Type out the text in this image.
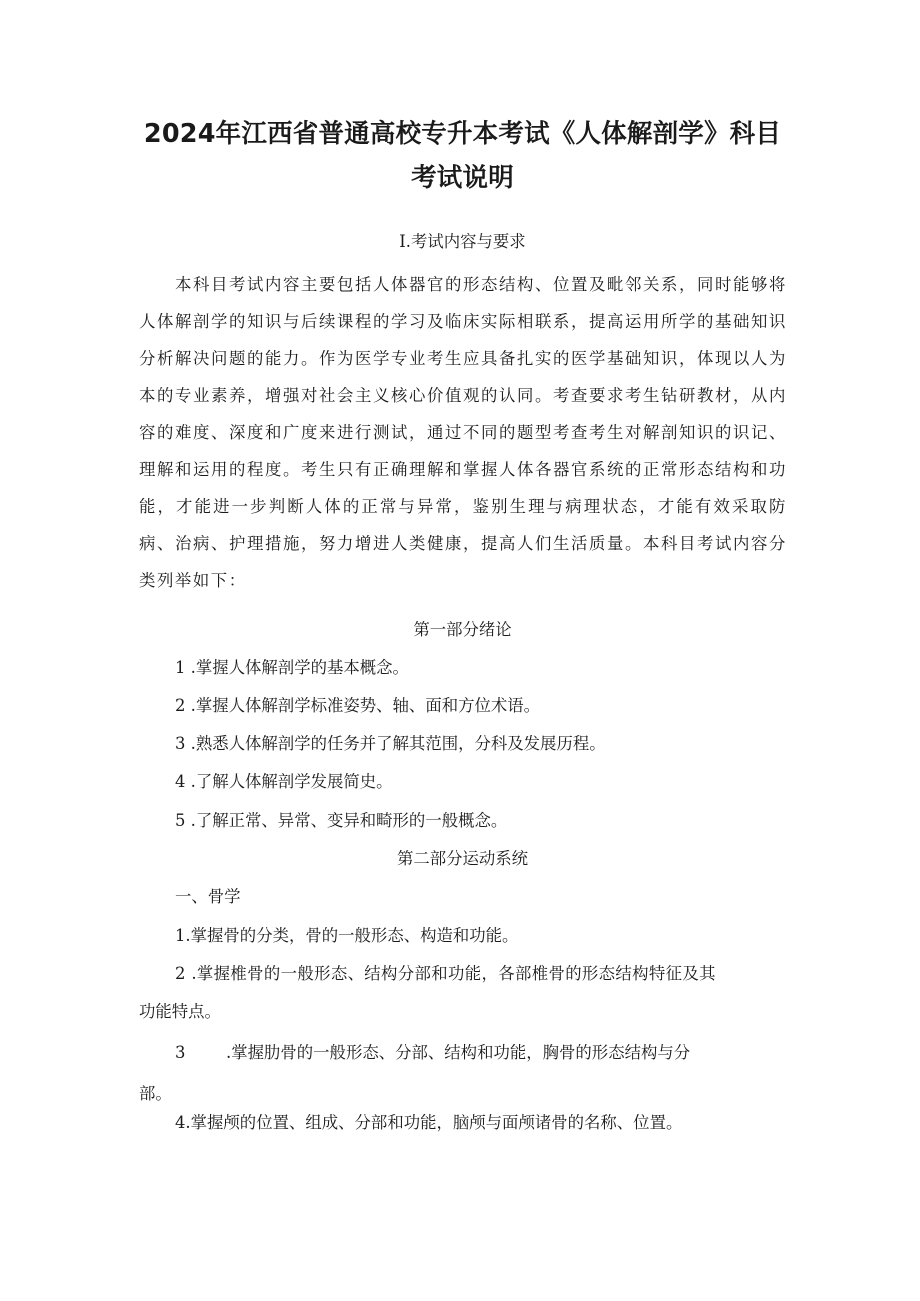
2024年江西省普通高校专升本考试《人体解剖学》科目考试说明

I.考试内容与要求

本科目考试内容主要包括人体器官的形态结构、位置及毗邻关系，同时能够将人体解剖学的知识与后续课程的学习及临床实际相联系，提高运用所学的基础知识分析解决问题的能力。作为医学专业考生应具备扎实的医学基础知识，体现以人为本的专业素养，增强对社会主义核心价值观的认同。考查要求考生钻研教材，从内容的难度、深度和广度来进行测试，通过不同的题型考查考生对解剖知识的识记、理解和运用的程度。考生只有正确理解和掌握人体各器官系统的正常形态结构和功能，才能进一步判断人体的正常与异常，鉴别生理与病理状态，才能有效采取防病、治病、护理措施，努力增进人类健康，提高人们生活质量。本科目考试内容分类列举如下：

第一部分绪论

1 .掌握人体解剖学的基本概念。

2 .掌握人体解剖学标准姿势、轴、面和方位术语。

3 .熟悉人体解剖学的任务并了解其范围，分科及发展历程。

4 .了解人体解剖学发展简史。

5 .了解正常、异常、变异和畸形的一般概念。

第二部分运动系统

一、骨学

1.掌握骨的分类，骨的一般形态、构造和功能。

2 .掌握椎骨的一般形态、结构分部和功能，各部椎骨的形态结构特征及其

功能特点。

3 .掌握肋骨的一般形态、分部、结构和功能，胸骨的形态结构与分

部。

4.掌握颅的位置、组成、分部和功能，脑颅与面颅诸骨的名称、位置。
